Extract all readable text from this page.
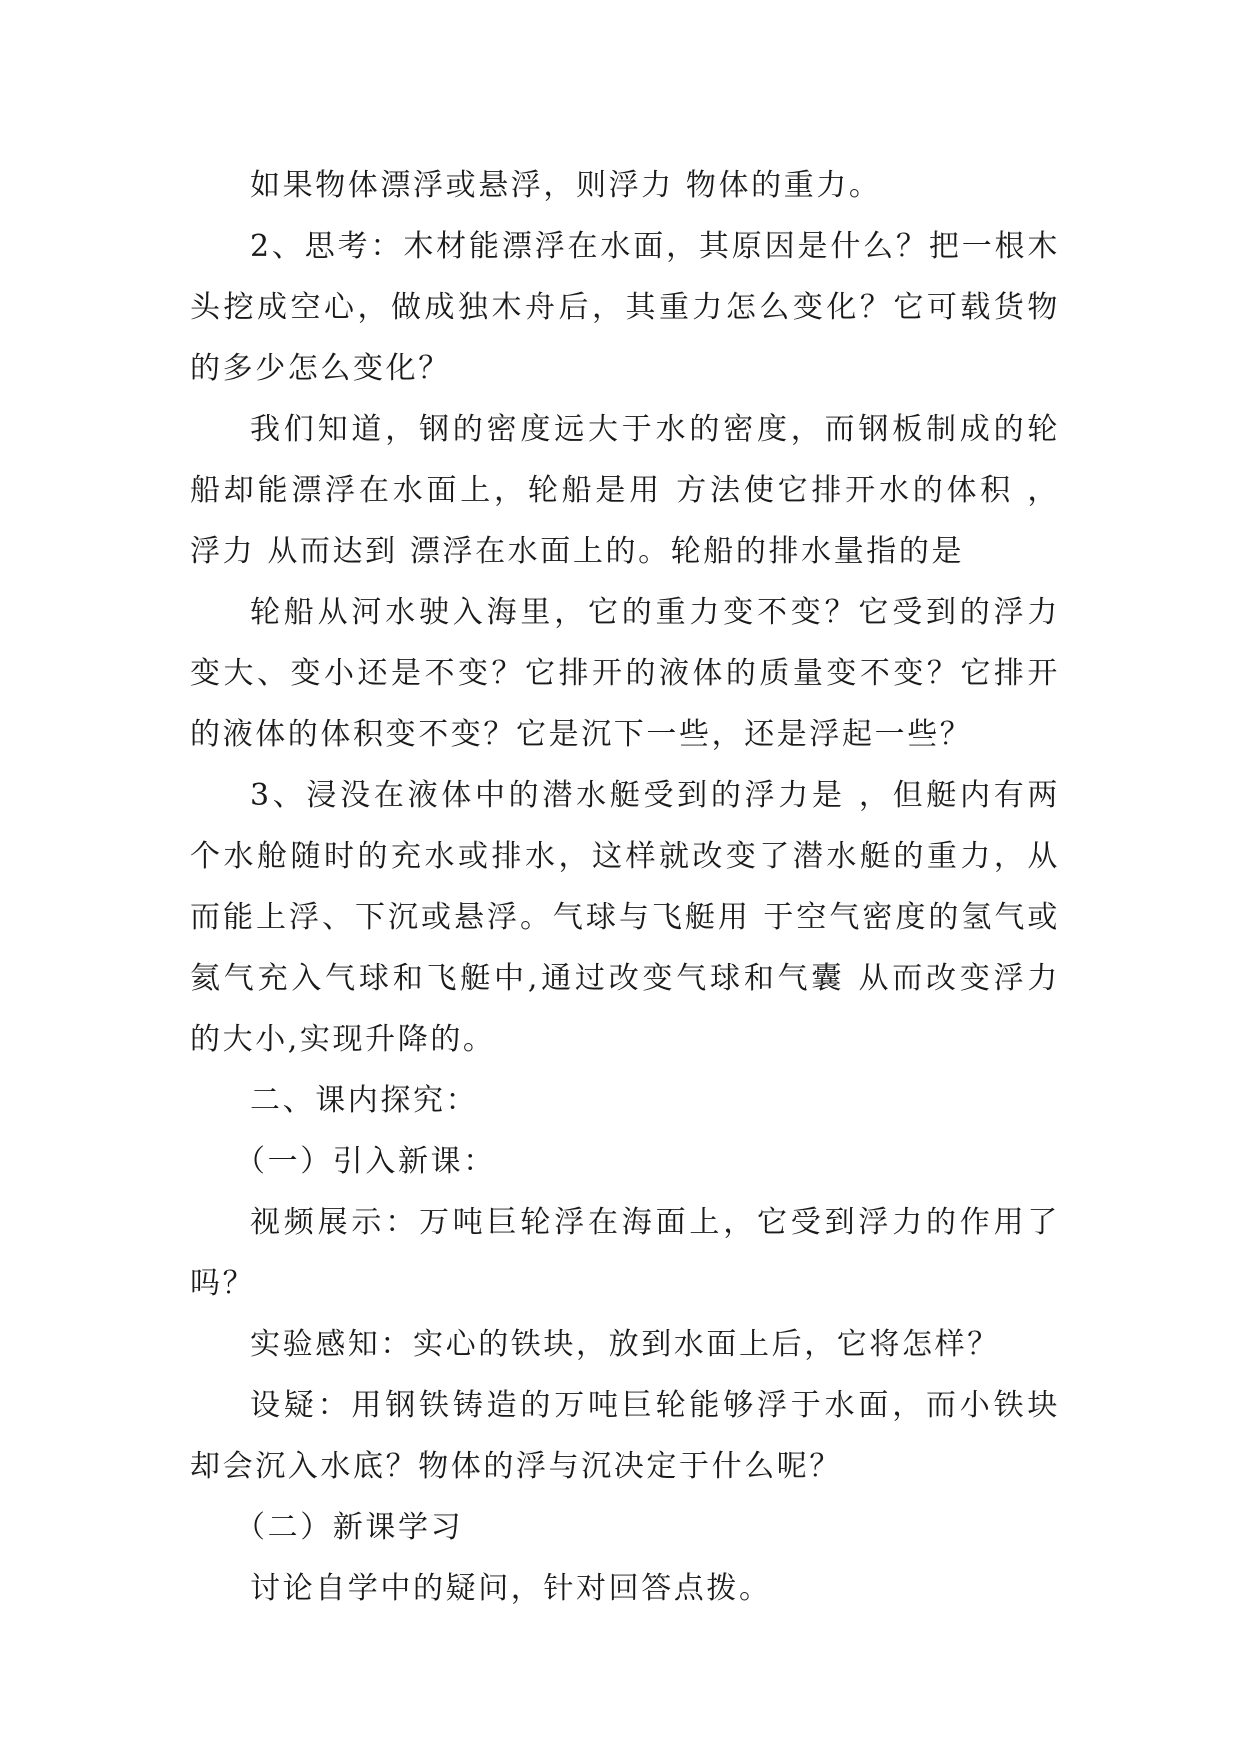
如果物体漂浮或悬浮，则浮力 物体的重力。

2、思考：木材能漂浮在水面，其原因是什么？把一根木头挖成空心，做成独木舟后，其重力怎么变化？它可载货物的多少怎么变化？

我们知道，钢的密度远大于水的密度，而钢板制成的轮船却能漂浮在水面上，轮船是用 方法使它排开水的体积 ，浮力 从而达到 漂浮在水面上的。轮船的排水量指的是

轮船从河水驶入海里，它的重力变不变？它受到的浮力变大、变小还是不变？它排开的液体的质量变不变？它排开的液体的体积变不变？它是沉下一些，还是浮起一些？

3、浸没在液体中的潜水艇受到的浮力是 ，但艇内有两个水舱随时的充水或排水，这样就改变了潜水艇的重力，从而能上浮、下沉或悬浮。气球与飞艇用 于空气密度的氢气或氦气充入气球和飞艇中,通过改变气球和气囊 从而改变浮力的大小,实现升降的。

二、课内探究：

（一）引入新课：

视频展示：万吨巨轮浮在海面上，它受到浮力的作用了吗？

实验感知：实心的铁块，放到水面上后，它将怎样？

设疑：用钢铁铸造的万吨巨轮能够浮于水面，而小铁块却会沉入水底？物体的浮与沉决定于什么呢？

（二）新课学习

讨论自学中的疑问，针对回答点拨。
